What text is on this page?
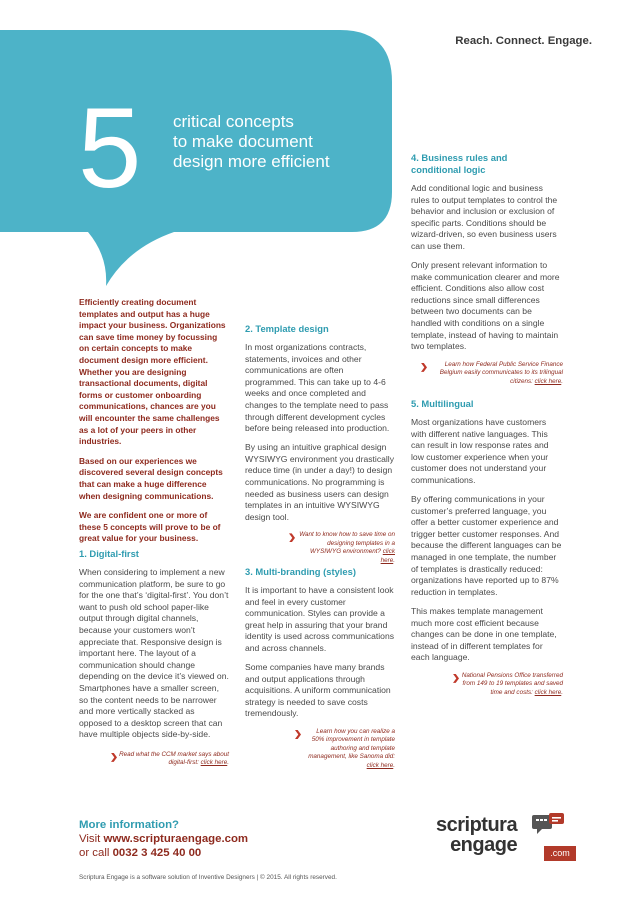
Reach. Connect. Engage.
5 critical concepts
to make document
design more efficient

Efficiently creating document templates and output has a huge impact your business. Organizations can save time money by focussing on certain concepts to make document design more efficient. Whether you are designing transactional documents, digital forms or customer onboarding communications, chances are you will encounter the same challenges as a lot of your peers in other industries.

Based on our experiences we discovered several design concepts that can make a huge difference when designing communications.

We are confident one or more of these 5 concepts will prove to be of great value for your business.

1. Digital-first

When considering to implement a new communication platform, be sure to go for the one that’s ‘digital-first’. You don’t want to push old school paper-like output through digital channels, because your customers won’t appreciate that. Responsive design is important here. The layout of a communication should change depending on the device it’s viewed on. Smartphones have a smaller screen, so the content needs to be narrower and more vertically stacked as opposed to a desktop screen that can have multiple objects side-by-side.

Read what the CCM market says about digital-first: click here.
2. Template design

In most organizations contracts, statements, invoices and other communications are often programmed. This can take up to 4-6 weeks and once completed and changes to the template need to pass through different development cycles before being released into production.

By using an intuitive graphical design WYSIWYG environment you drastically reduce time (in under a day!) to design communications. No programming is needed as business users can design templates in an intuitive WYSIWYG design tool.

Want to know how to save time on designing templates in a WYSIWYG environment? click here.
3. Multi-branding (styles)

It is important to have a consistent look and feel in every customer communication. Styles can provide a great help in assuring that your brand identity is used across communications and across channels.

Some companies have many brands and output applications through acquisitions. A uniform communication strategy is needed to save costs tremendously.

Learn how you can realize a 50% improvement in template authoring and template management, like Sanoma did: click here.
4. Business rules and
conditional logic

Add conditional logic and business rules to output templates to control the behavior and inclusion or exclusion of specific parts. Conditions should be wizard-driven, so even business users can use them.

Only present relevant information to make communication clearer and more efficient. Conditions also allow cost reductions since small differences between two documents can be handled with conditions on a single template, instead of having to maintain two templates.

Learn how Federal Public Service Finance Belgium easily communicates to its trilingual citizens: click here.
5. Multilingual

Most organizations have customers with different native languages. This can result in low response rates and low customer experience when your customer does not understand your communications.

By offering communications in your customer’s preferred language, you offer a better customer experience and trigger better customer responses. And because the different languages can be managed in one template, the number of templates is drastically reduced: organizations have reported up to 87% reduction in templates.

This makes template management much more cost efficient because changes can be done in one template, instead of in different templates for each language.

National Pensions Office transferred from 149 to 19 templates and saved time and costs: click here.
More information?
Visit www.scripturaengage.com
or call 0032 3 425 40 00
scriptura
engage	.com
Scriptura Engage is a software solution of Inventive Designers | © 2015. All rights reserved.
